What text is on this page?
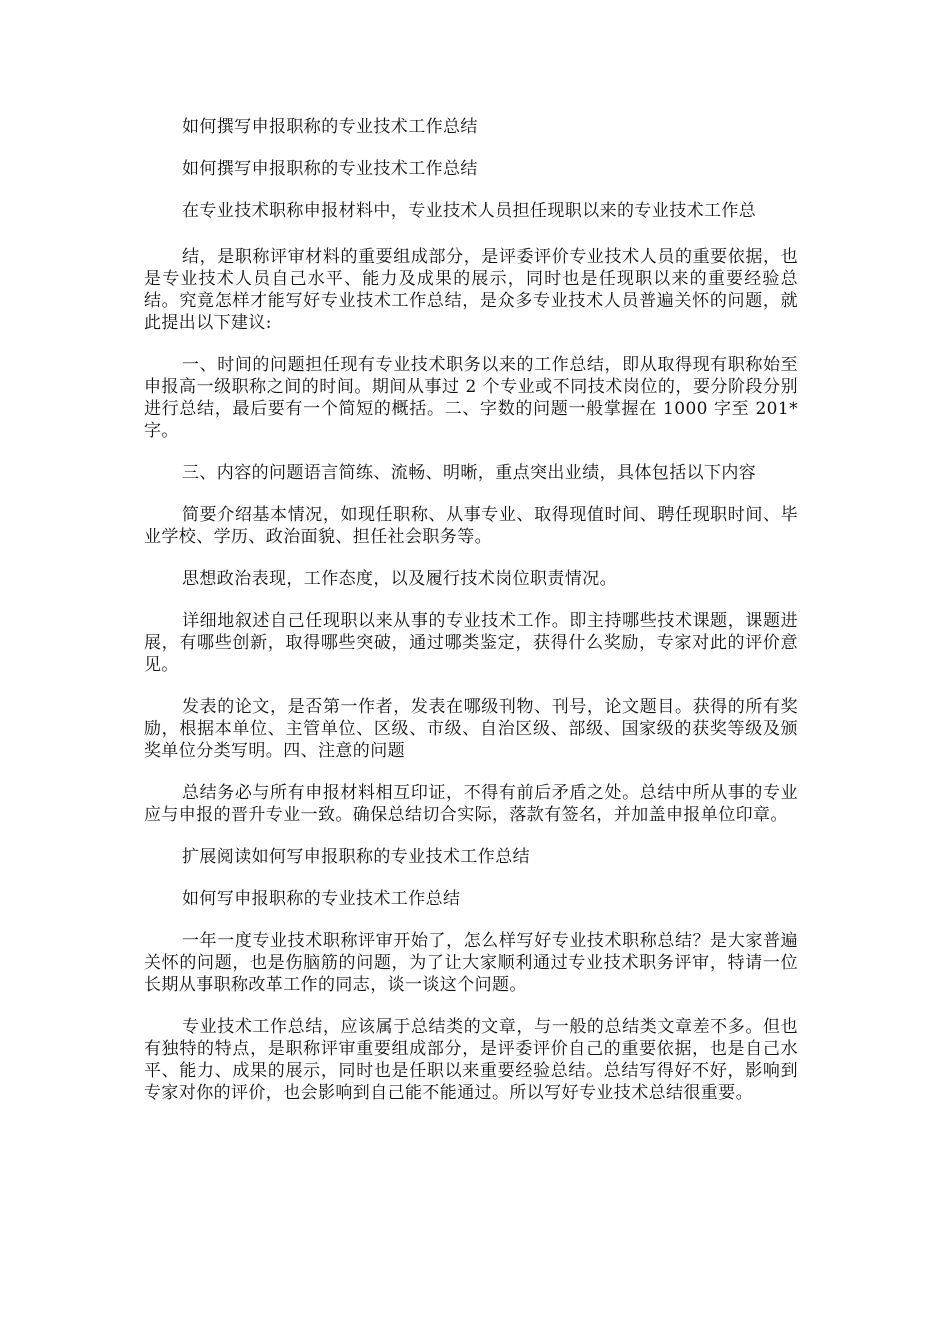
如何撰写申报职称的专业技术工作总结

如何撰写申报职称的专业技术工作总结

在专业技术职称申报材料中，专业技术人员担任现职以来的专业技术工作总

结，是职称评审材料的重要组成部分，是评委评价专业技术人员的重要依据，也是专业技术人员自己水平、能力及成果的展示，同时也是任现职以来的重要经验总结。究竟怎样才能写好专业技术工作总结，是众多专业技术人员普遍关怀的问题，就此提出以下建议:

一、时间的问题担任现有专业技术职务以来的工作总结，即从取得现有职称始至申报高一级职称之间的时间。期间从事过 2 个专业或不同技术岗位的，要分阶段分别进行总结，最后要有一个简短的概括。二、字数的问题一般掌握在 1000 字至 201*字。

三、内容的问题语言简练、流畅、明晰，重点突出业绩，具体包括以下内容

简要介绍基本情况，如现任职称、从事专业、取得现值时间、聘任现职时间、毕业学校、学历、政治面貌、担任社会职务等。

思想政治表现，工作态度，以及履行技术岗位职责情况。

详细地叙述自己任现职以来从事的专业技术工作。即主持哪些技术课题，课题进展，有哪些创新，取得哪些突破，通过哪类鉴定，获得什么奖励，专家对此的评价意见。

发表的论文，是否第一作者，发表在哪级刊物、刊号，论文题目。获得的所有奖励，根据本单位、主管单位、区级、市级、自治区级、部级、国家级的获奖等级及颁奖单位分类写明。四、注意的问题

总结务必与所有申报材料相互印证，不得有前后矛盾之处。总结中所从事的专业应与申报的晋升专业一致。确保总结切合实际，落款有签名，并加盖申报单位印章。

扩展阅读如何写申报职称的专业技术工作总结

如何写申报职称的专业技术工作总结

一年一度专业技术职称评审开始了，怎么样写好专业技术职称总结？是大家普遍关怀的问题，也是伤脑筋的问题，为了让大家顺利通过专业技术职务评审，特请一位长期从事职称改革工作的同志，谈一谈这个问题。

专业技术工作总结，应该属于总结类的文章，与一般的总结类文章差不多。但也有独特的特点，是职称评审重要组成部分，是评委评价自己的重要依据，也是自己水平、能力、成果的展示，同时也是任职以来重要经验总结。总结写得好不好，影响到专家对你的评价，也会影响到自己能不能通过。所以写好专业技术总结很重要。
